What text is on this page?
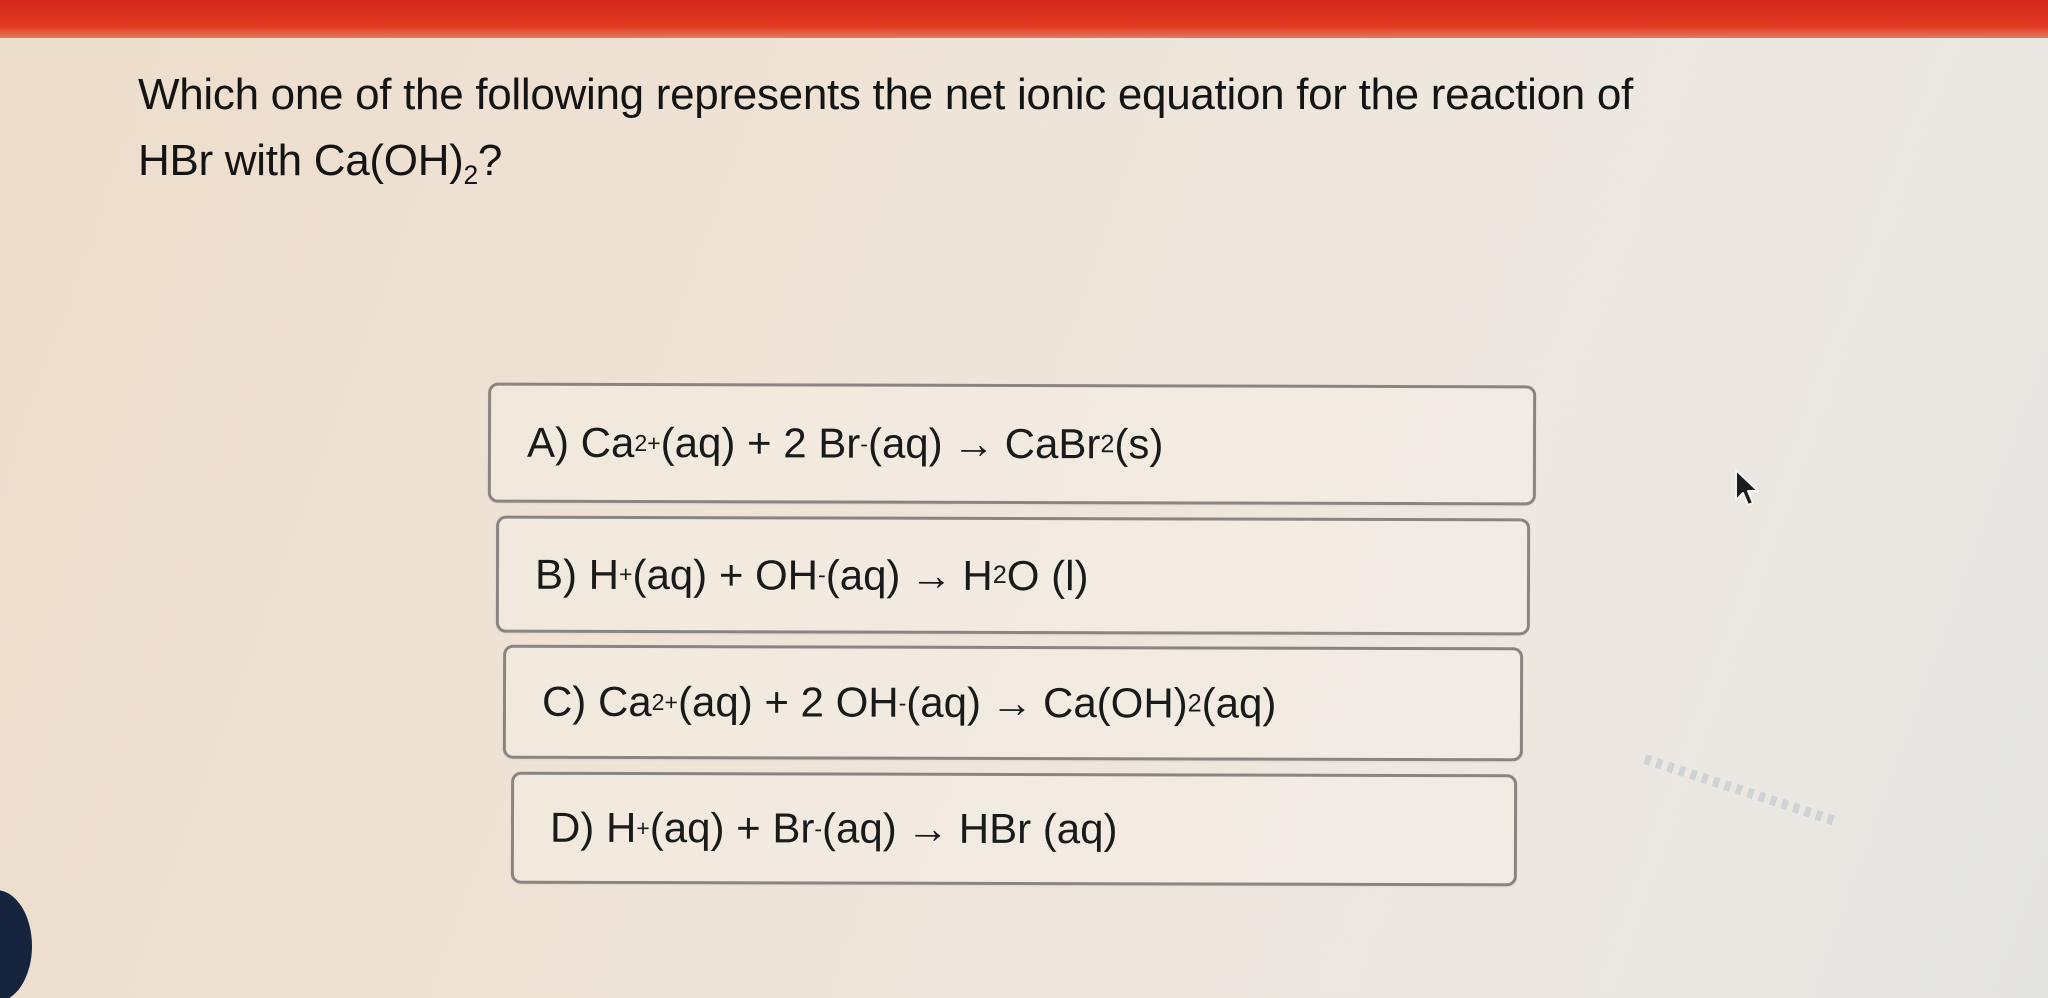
Which one of the following represents the net ionic equation for the reaction of
HBr with $Ca(OH)_2$?
A) Ca 2+ (aq) + 2 Br - (aq) → CaBr 2 (s)
B) H + (aq) + OH - (aq) → H 2 O (l)
C) Ca 2+ (aq) + 2 OH - (aq) → Ca(OH) 2 (aq)
D) H + (aq) + Br - (aq) → HBr (aq)
